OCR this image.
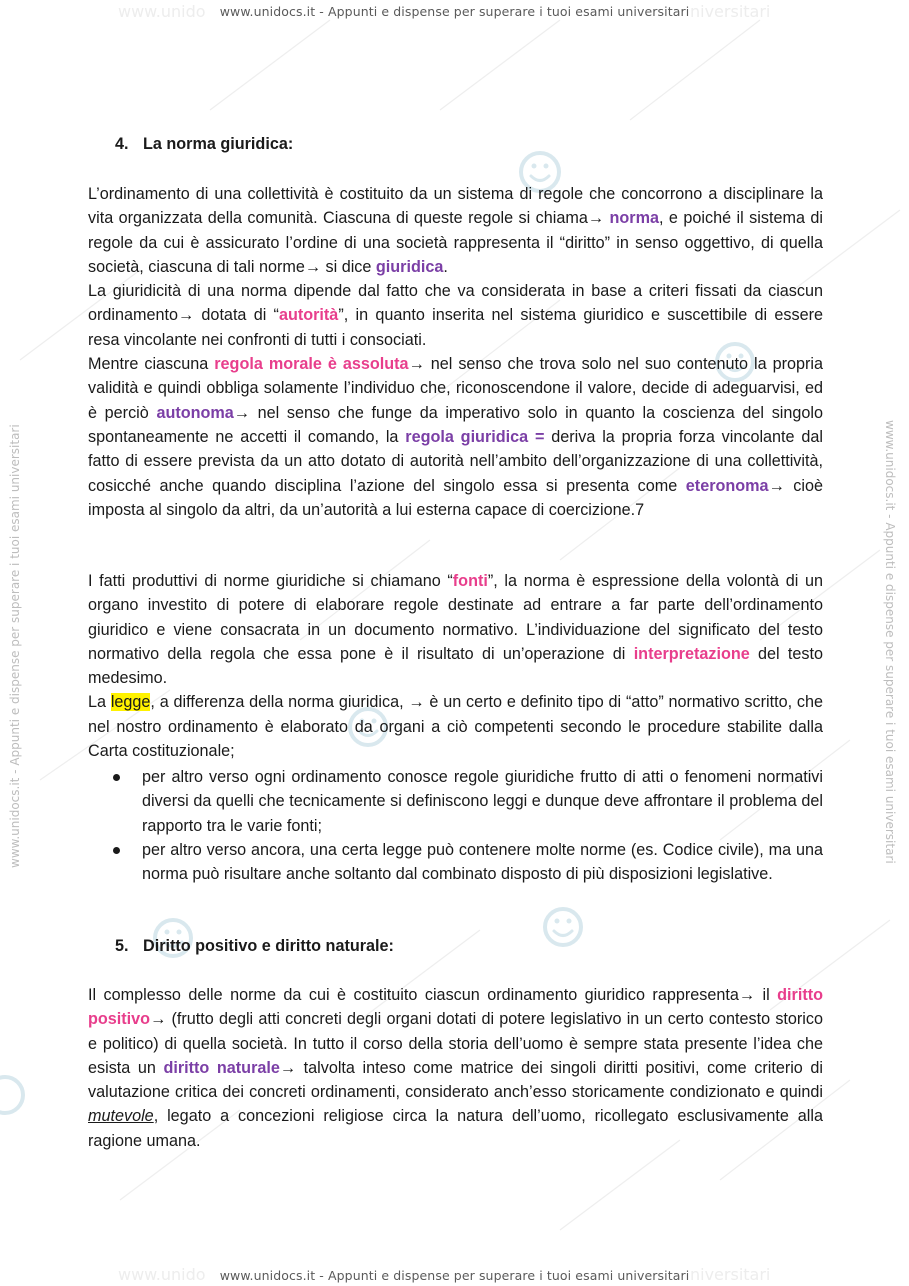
www.unido	niversitari
www.unidocs.it - Appunti e dispense per superare i tuoi esami universitari
www.unido	niversitari
www.unidocs.it - Appunti e dispense per superare i tuoi esami universitari
www.unidocs.it - Appunti e dispense per superare i tuoi esami universitari	www.unidocs.it - Appunti e dispense per superare i tuoi esami universitari
4. La norma giuridica:

L’ordinamento di una collettività è costituito da un sistema di regole che concorrono a disciplinare la vita organizzata della comunità. Ciascuna di queste regole si chiama→ norma, e poiché il sistema di regole da cui è assicurato l’ordine di una società rappresenta il “diritto” in senso oggettivo, di quella società, ciascuna di tali norme→ si dice giuridica.

La giuridicità di una norma dipende dal fatto che va considerata in base a criteri fissati da ciascun ordinamento→ dotata di “autorità”, in quanto inserita nel sistema giuridico e suscettibile di essere resa vincolante nei confronti di tutti i consociati.

Mentre ciascuna regola morale è assoluta→ nel senso che trova solo nel suo contenuto la propria validità e quindi obbliga solamente l’individuo che, riconoscendone il valore, decide di adeguarvisi, ed è perciò autonoma→ nel senso che funge da imperativo solo in quanto la coscienza del singolo spontaneamente ne accetti il comando, la regola giuridica = deriva la propria forza vincolante dal fatto di essere prevista da un atto dotato di autorità nell’ambito dell’organizzazione di una collettività, cosicché anche quando disciplina l’azione del singolo essa si presenta come eteronoma→ cioè imposta al singolo da altri, da un’autorità a lui esterna capace di coercizione.7

I fatti produttivi di norme giuridiche si chiamano “fonti”, la norma è espressione della volontà di un organo investito di potere di elaborare regole destinate ad entrare a far parte dell’ordinamento giuridico e viene consacrata in un documento normativo. L’individuazione del significato del testo normativo della regola che essa pone è il risultato di un’operazione di interpretazione del testo medesimo.

La legge, a differenza della norma giuridica, → è un certo e definito tipo di “atto” normativo scritto, che nel nostro ordinamento è elaborato da organi a ciò competenti secondo le procedure stabilite dalla Carta costituzionale;

per altro verso ogni ordinamento conosce regole giuridiche frutto di atti o fenomeni normativi diversi da quelli che tecnicamente si definiscono leggi e dunque deve affrontare il problema del rapporto tra le varie fonti;
per altro verso ancora, una certa legge può contenere molte norme (es. Codice civile), ma una norma può risultare anche soltanto dal combinato disposto di più disposizioni legislative.
5. Diritto positivo e diritto naturale:

Il complesso delle norme da cui è costituito ciascun ordinamento giuridico rappresenta→ il diritto positivo→ (frutto degli atti concreti degli organi dotati di potere legislativo in un certo contesto storico e politico) di quella società. In tutto il corso della storia dell’uomo è sempre stata presente l’idea che esista un diritto naturale→ talvolta inteso come matrice dei singoli diritti positivi, come criterio di valutazione critica dei concreti ordinamenti, considerato anch’esso storicamente condizionato e quindi mutevole, legato a concezioni religiose circa la natura dell’uomo, ricollegato esclusivamente alla ragione umana.
